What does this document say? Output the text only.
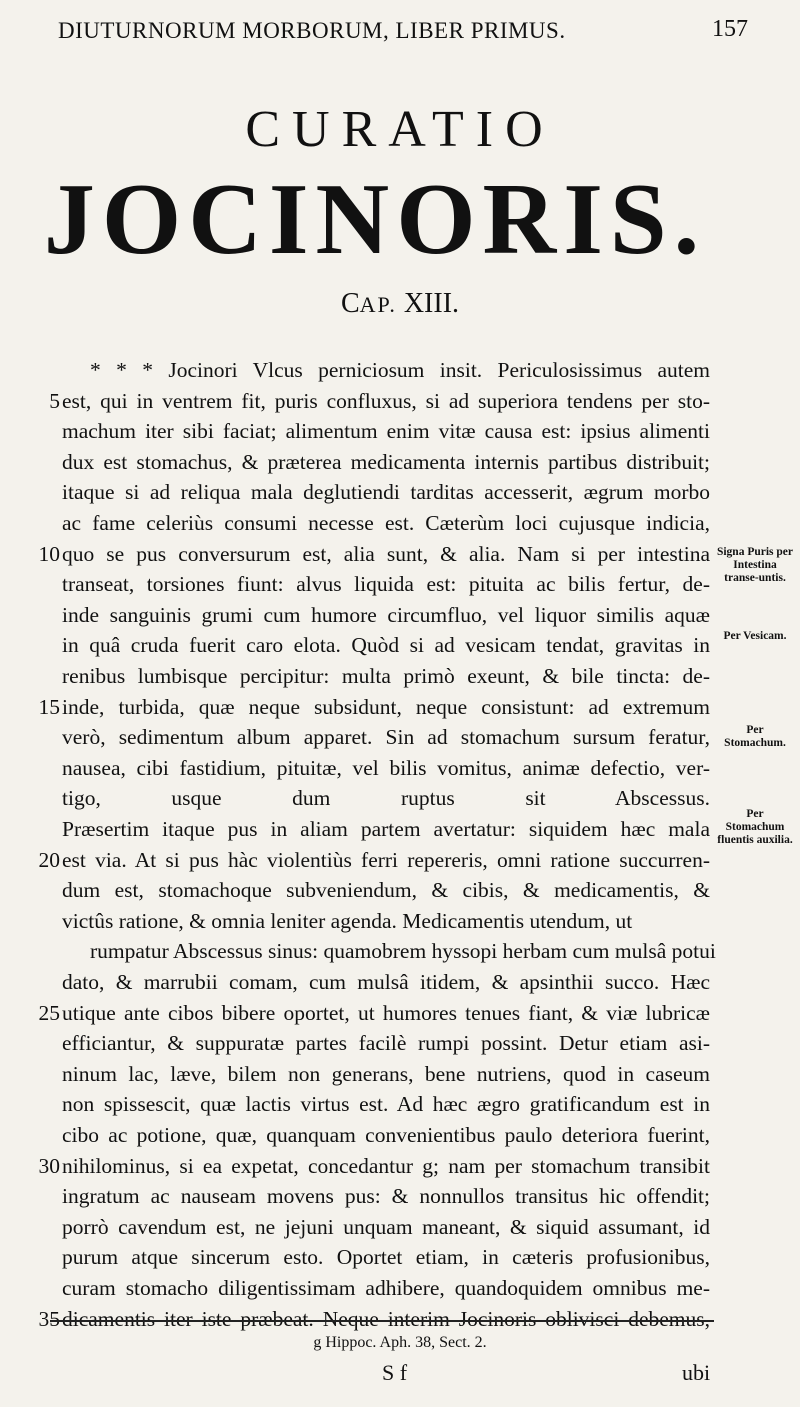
DIUTURNORUM MORBORUM, LIBER PRIMUS.	157
CURATIO
JOCINORIS.
CAP. XIII.
* * * Jocinori Vlcus perniciosum insit. Periculosissimus autem
est, qui in ventrem fit, puris confluxus, si ad superiora tendens per sto-
5
machum iter sibi faciat; alimentum enim vitæ causa est: ipsius alimenti
dux est stomachus, & præterea medicamenta internis partibus distribuit;
itaque si ad reliqua mala deglutiendi tarditas accesserit, ægrum morbo
ac fame celeriùs consumi necesse est. Cæterùm loci cujusque indicia,
quo se pus conversurum est, alia sunt, & alia. Nam si per intestina
10
transeat, torsiones fiunt: alvus liquida est: pituita ac bilis fertur, de-
inde sanguinis grumi cum humore circumfluo, vel liquor similis aquæ
in quâ cruda fuerit caro elota. Quòd si ad vesicam tendat, gravitas in
renibus lumbisque percipitur: multa primò exeunt, & bile tincta: de-
inde, turbida, quæ neque subsidunt, neque consistunt: ad extremum
15
verò, sedimentum album apparet. Sin ad stomachum sursum feratur,
nausea, cibi fastidium, pituitæ, vel bilis vomitus, animæ defectio, ver-
tigo, usque dum ruptus sit Abscessus.
Præsertim itaque pus in aliam partem avertatur: siquidem hæc mala
est via. At si pus hàc violentiùs ferri repereris, omni ratione succurren-
20
dum est, stomachoque subveniendum, & cibis, & medicamentis, &
victûs ratione, & omnia leniter agenda. Medicamentis utendum, ut
rumpatur Abscessus sinus: quamobrem hyssopi herbam cum mulsâ potui
dato, & marrubii comam, cum mulsâ itidem, & apsinthii succo. Hæc
utique ante cibos bibere oportet, ut humores tenues fiant, & viæ lubricæ
25
efficiantur, & suppuratæ partes facilè rumpi possint. Detur etiam asi-
ninum lac, læve, bilem non generans, bene nutriens, quod in caseum
non spissescit, quæ lactis virtus est. Ad hæc ægro gratificandum est in
cibo ac potione, quæ, quanquam convenientibus paulo deteriora fuerint,
nihilominus, si ea expetat, concedantur g; nam per stomachum transibit
30
ingratum ac nauseam movens pus: & nonnullos transitus hic offendit;
porrò cavendum est, ne jejuni unquam maneant, & siquid assumant, id
purum atque sincerum esto. Oportet etiam, in cæteris profusionibus,
curam stomacho diligentissimam adhibere, quandoquidem omnibus me-
dicamentis iter iste præbeat. Neque interim Jocinoris oblivisci debemus,
35
Signa Puris per Intestina transe-untis.
Per Vesicam.
Per Stomachum.
Per Stomachum fluentis auxilia.
g Hippoc. Aph. 38, Sect. 2.
S f	ubi
